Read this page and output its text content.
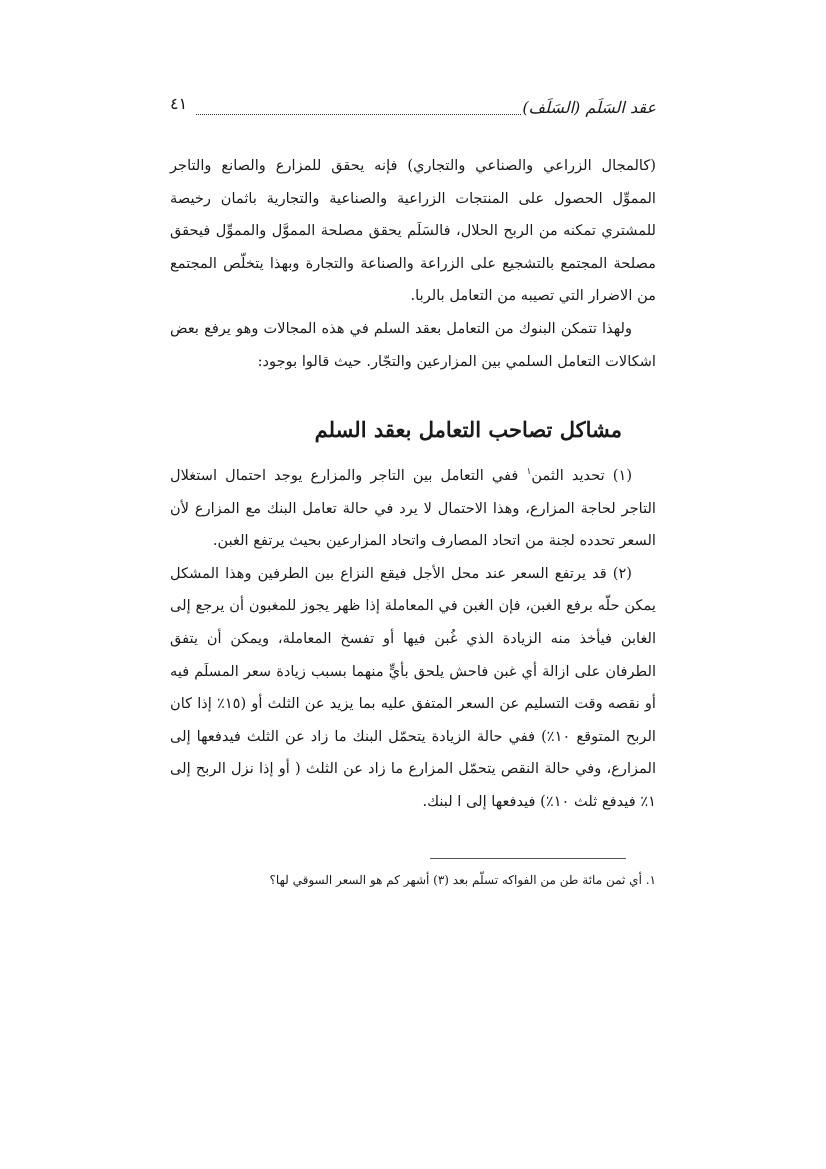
عقد السَلَم (السَلَف)
٤١

(كالمجال الزراعي والصناعي والتجاري) فإنه يحقق للمزارع والصانع والتاجر المموِّل الحصول على المنتجات الزراعية والصناعية والتجارية باثمان رخيصة للمشتري تمكنه من الربح الحلال، فالسَلَم يحقق مصلحة المموَّل والمموِّل فيحقق مصلحة المجتمع بالتشجيع على الزراعة والصناعة والتجارة وبهذا يتخلّص المجتمع من الاضرار التي تصيبه من التعامل بالربا.

ولهذا تتمكن البنوك من التعامل بعقد السلم في هذه المجالات وهو يرفع بعض اشكالات التعامل السلمي بين المزارعين والتجّار. حيث قالوا بوجود:

مشاكل تصاحب التعامل بعقد السلم

(١) تحديد الثمن$^١$ ففي التعامل بين التاجر والمزارع يوجد احتمال استغلال التاجر لحاجة المزارع، وهذا الاحتمال لا يرد في حالة تعامل البنك مع المزارع لأن السعر تحدده لجنة من اتحاد المصارف واتحاد المزارعين بحيث يرتفع الغبن.

(٢) قد يرتفع السعر عند محل الأجل فيقع النزاع بين الطرفين وهذا المشكل يمكن حلّه برفع الغبن، فإن الغبن في المعاملة إذا ظهر يجوز للمغبون أن يرجع إلى الغابن فيأخذ منه الزيادة الذي غُبن فيها أو تفسخ المعاملة، ويمكن أن يتفق الطرفان على ازالة أي غبن فاحش يلحق بأيٍّ منهما بسبب زيادة سعر المسلَم فيه أو نقصه وقت التسليم عن السعر المتفق عليه بما يزيد عن الثلث أو (١٥٪ إذا كان الربح المتوقع ١٠٪) ففي حالة الزيادة يتحمّل البنك ما زاد عن الثلث فيدفعها إلى المزارع، وفي حالة النقص يتحمّل المزارع ما زاد عن الثلث ( أو إذا نزل الربح إلى ١٪ فيدفع ثلث ١٠٪) فيدفعها إلى ا لبنك.

١. أي ثمن مائة طن من الفواكه تسلّم بعد (٣) أشهر كم هو السعر السوقي لها؟
